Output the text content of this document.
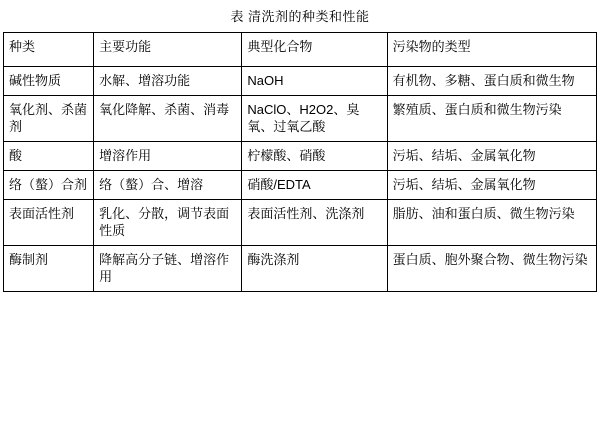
表 清洗剂的种类和性能
种类	主要功能	典型化合物	污染物的类型

碱性物质	水解、增溶功能	NaOH	有机物、多糖、蛋白质和微生物

氧化剂、杀菌剂	氧化降解、杀菌、消毒	NaClO、H2O2、臭氧、过氧乙酸	繁殖质、蛋白质和微生物污染

酸	增溶作用	柠檬酸、硝酸	污垢、结垢、金属氧化物

络（螯）合剂	络（螯）合、增溶	硝酸/EDTA	污垢、结垢、金属氧化物

表面活性剂	乳化、分散，调节表面性质	表面活性剂、洗涤剂	脂肪、油和蛋白质、微生物污染

酶制剂	降解高分子链、增溶作用	酶洗涤剂	蛋白质、胞外聚合物、微生物污染
